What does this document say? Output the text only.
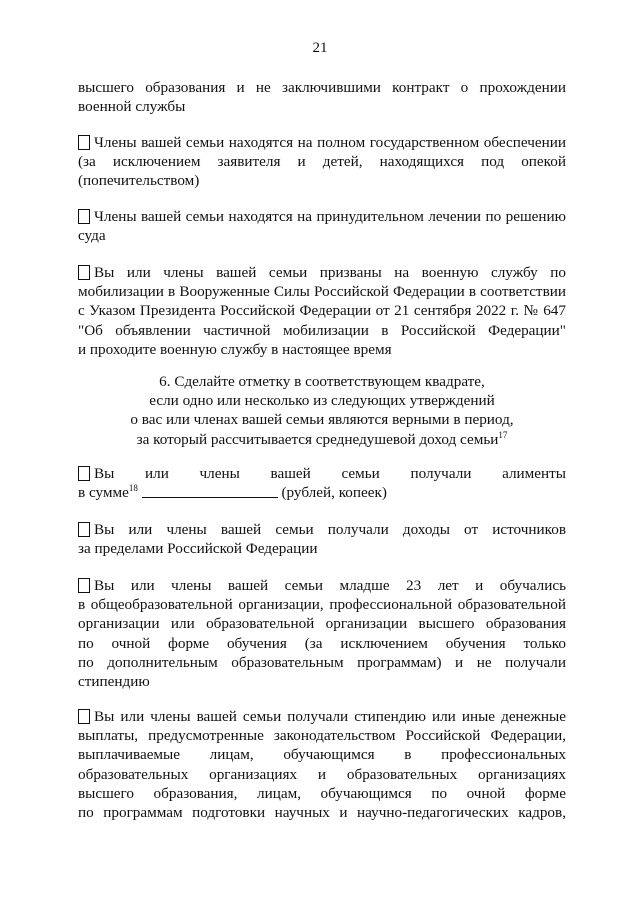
21
высшего образования и не заключившими контракт о прохождении
военной службы
Члены вашей семьи находятся на полном государственном обеспечении
(за исключением заявителя и детей, находящихся под опекой
(попечительством)
Члены вашей семьи находятся на принудительном лечении по решению
суда
Вы или члены вашей семьи призваны на военную службу по
мобилизации в Вооруженные Силы Российской Федерации в соответствии
с Указом Президента Российской Федерации от 21 сентября 2022 г. № 647
"Об объявлении частичной мобилизации в Российской Федерации"
и проходите военную службу в настоящее время
6. Сделайте отметку в соответствующем квадрате,
если одно или несколько из следующих утверждений
о вас или членах вашей семьи являются верными в период,
за который рассчитывается среднедушевой доход семьи$^{17}$
Вы или члены вашей семьи получали алименты
в сумме$^{18}$	(рублей, копеек)
Вы или члены вашей семьи получали доходы от источников
за пределами Российской Федерации
Вы или члены вашей семьи младше 23 лет и обучались
в общеобразовательной организации, профессиональной образовательной
организации или образовательной организации высшего образования
по очной форме обучения (за исключением обучения только
по дополнительным образовательным программам) и не получали
стипендию
Вы или члены вашей семьи получали стипендию или иные денежные
выплаты, предусмотренные законодательством Российской Федерации,
выплачиваемые лицам, обучающимся в профессиональных
образовательных организациях и образовательных организациях
высшего образования, лицам, обучающимся по очной форме
по программам подготовки научных и научно-педагогических кадров,
